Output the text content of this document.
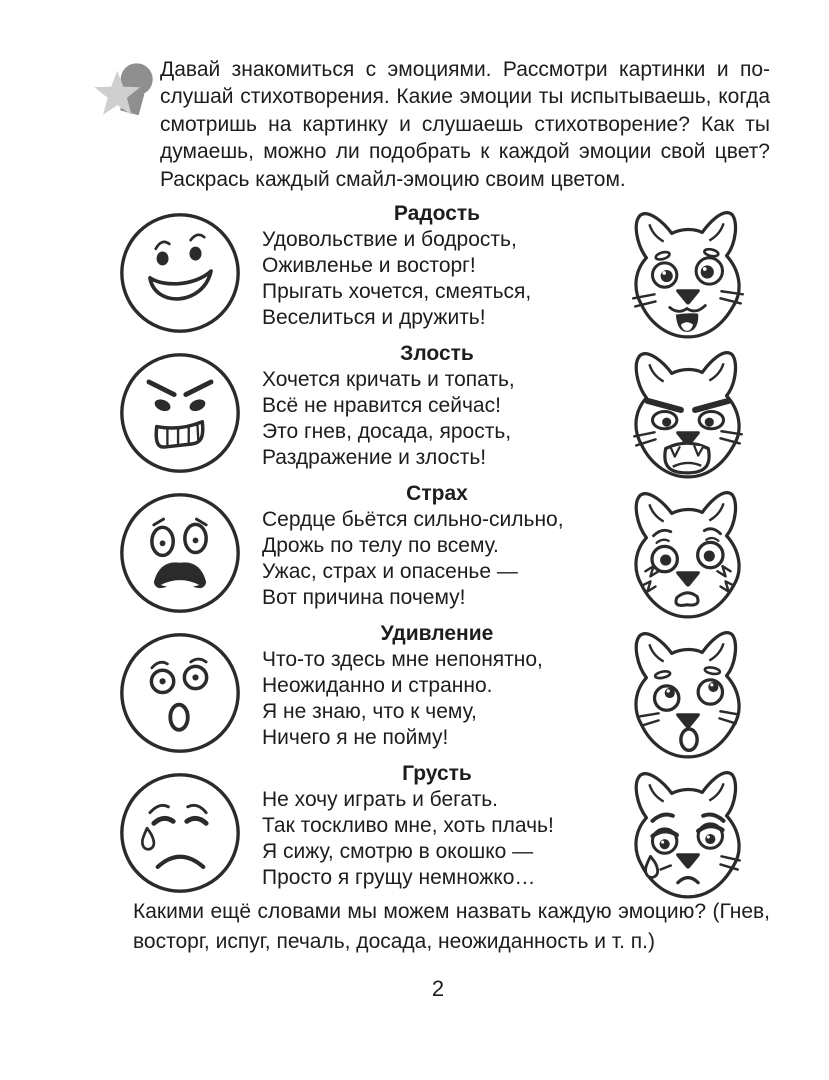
Давай знакомиться с эмоциями. Рассмотри картинки и по-
слушай стихотворения. Какие эмоции ты испытываешь, когда
смотришь на картинку и слушаешь стихотворение? Как ты
думаешь, можно ли подобрать к каждой эмоции свой цвет?
Раскрась каждый смайл-эмоцию своим цветом.

Радость

Удовольствие и бодрость,

Оживленье и восторг!

Прыгать хочется, смеяться,

Веселиться и дружить!

Злость

Хочется кричать и топать,

Всё не нравится сейчас!

Это гнев, досада, ярость,

Раздражение и злость!

Страх

Сердце бьётся сильно-сильно,

Дрожь по телу по всему.

Ужас, страх и опасенье —

Вот причина почему!

Удивление

Что-то здесь мне непонятно,

Неожиданно и странно.

Я не знаю, что к чему,

Ничего я не пойму!

Грусть

Не хочу играть и бегать.

Так тоскливо мне, хоть плачь!

Я сижу, смотрю в окошко —

Просто я грущу немножко…

Какими ещё словами мы можем назвать каждую эмоцию? (Гнев,
восторг, испуг, печаль, досада, неожиданность и т. п.)
2
